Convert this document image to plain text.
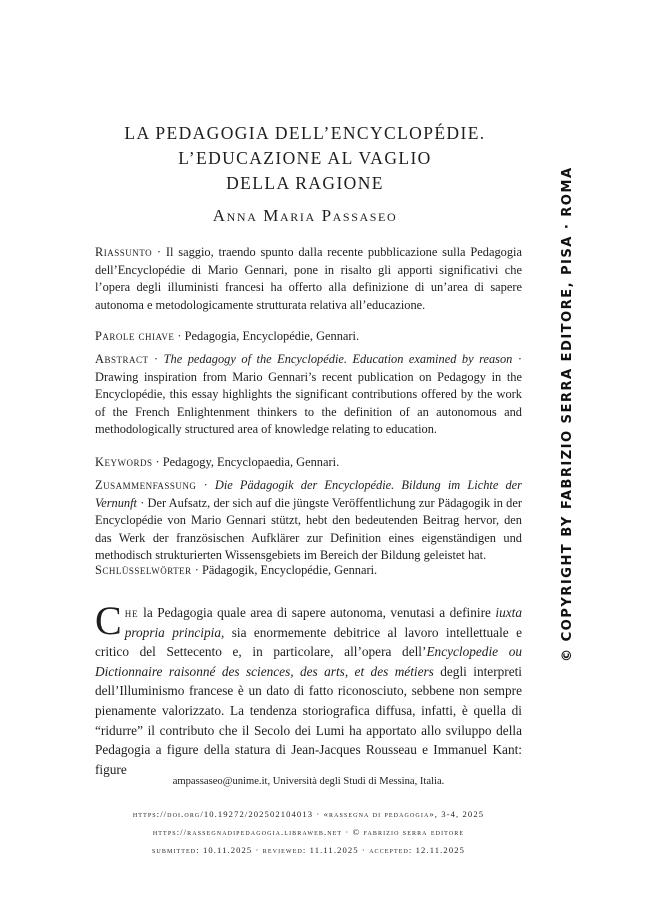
LA PEDAGOGIA DELL’ENCYCLOPÉDIE.
L’EDUCAZIONE AL VAGLIO
DELLA RAGIONE
Anna Maria Passaseo
Riassunto · Il saggio, traendo spunto dalla recente pubblicazione sulla Pedagogia dell’Encyclopédie di Mario Gennari, pone in risalto gli apporti significativi che l’opera degli illuministi francesi ha offerto alla definizione di un’area di sapere autonoma e metodologicamente strutturata relativa all’educazione.
Parole chiave · Pedagogia, Encyclopédie, Gennari.
Abstract · The pedagogy of the Encyclopédie. Education examined by reason · Drawing inspiration from Mario Gennari’s recent publication on Pedagogy in the Encyclopédie, this essay highlights the significant contributions offered by the work of the French Enlightenment thinkers to the definition of an autonomous and methodologically structured area of knowledge relating to education.
Keywords · Pedagogy, Encyclopaedia, Gennari.
Zusammenfassung · Die Pädagogik der Encyclopédie. Bildung im Lichte der Vernunft · Der Aufsatz, der sich auf die jüngste Veröffentlichung zur Pädagogik in der Encyclopédie von Mario Gennari stützt, hebt den bedeutenden Beitrag hervor, den das Werk der französischen Aufklärer zur Definition eines eigenständigen und methodisch strukturierten Wissensgebiets im Bereich der Bildung geleistet hat.
Schlüsselwörter · Pädagogik, Encyclopédie, Gennari.
Che la Pedagogia quale area di sapere autonoma, venutasi a definire iuxta propria principia, sia enormemente debitrice al lavoro intellettuale e critico del Settecento e, in particolare, all’opera dell’Encyclopedie ou Dictionnaire raisonné des sciences, des arts, et des métiers degli interpreti dell’Illuminismo francese è un dato di fatto riconosciuto, sebbene non sempre pienamente valorizzato. La tendenza storiografica diffusa, infatti, è quella di “ridurre” il contributo che il Secolo dei Lumi ha apportato allo sviluppo della Pedagogia a figure della statura di Jean-Jacques Rousseau e Immanuel Kant: figure
ampassaseo@unime.it, Università degli Studi di Messina, Italia.
https://doi.org/10.19272/202502104013 · «rassegna di pedagogia», 3-4, 2025
https://rassegnadipedagogia.libraweb.net · © fabrizio serra editore
submitted: 10.11.2025 · reviewed: 11.11.2025 · accepted: 12.11.2025
© COPYRIGHT BY FABRIZIO SERRA EDITORE, PISA · ROMA
